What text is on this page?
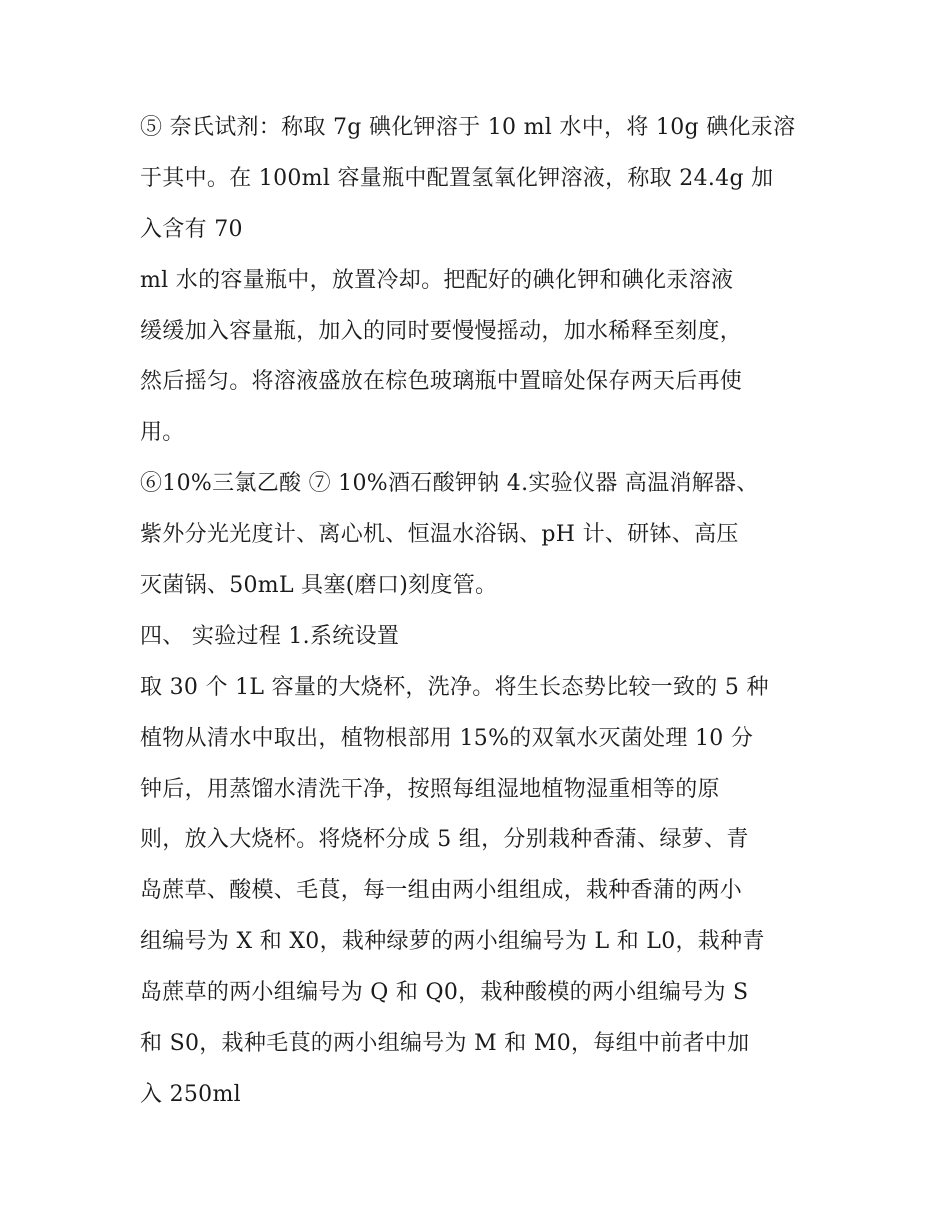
⑤ 奈氏试剂：称取 7g 碘化钾溶于 10 ml 水中，将 10g 碘化汞溶
于其中。在 100ml 容量瓶中配置氢氧化钾溶液，称取 24.4g 加
入含有 70
ml 水的容量瓶中，放置冷却。把配好的碘化钾和碘化汞溶液
缓缓加入容量瓶，加入的同时要慢慢摇动，加水稀释至刻度，
然后摇匀。将溶液盛放在棕色玻璃瓶中置暗处保存两天后再使
用。
⑥10%三氯乙酸 ⑦ 10%酒石酸钾钠 4.实验仪器 高温消解器、
紫外分光光度计、离心机、恒温水浴锅、pH 计、研钵、高压
灭菌锅、50mL 具塞(磨口)刻度管。
四、 实验过程 1.系统设置
取 30 个 1L 容量的大烧杯，洗净。将生长态势比较一致的 5 种
植物从清水中取出，植物根部用 15%的双氧水灭菌处理 10 分
钟后，用蒸馏水清洗干净，按照每组湿地植物湿重相等的原
则，放入大烧杯。将烧杯分成 5 组，分别栽种香蒲、绿萝、青
岛蔗草、酸模、毛茛，每一组由两小组组成，栽种香蒲的两小
组编号为 X 和 X0，栽种绿萝的两小组编号为 L 和 L0，栽种青
岛蔗草的两小组编号为 Q 和 Q0，栽种酸模的两小组编号为 S
和 S0，栽种毛茛的两小组编号为 M 和 M0，每组中前者中加
入 250ml
